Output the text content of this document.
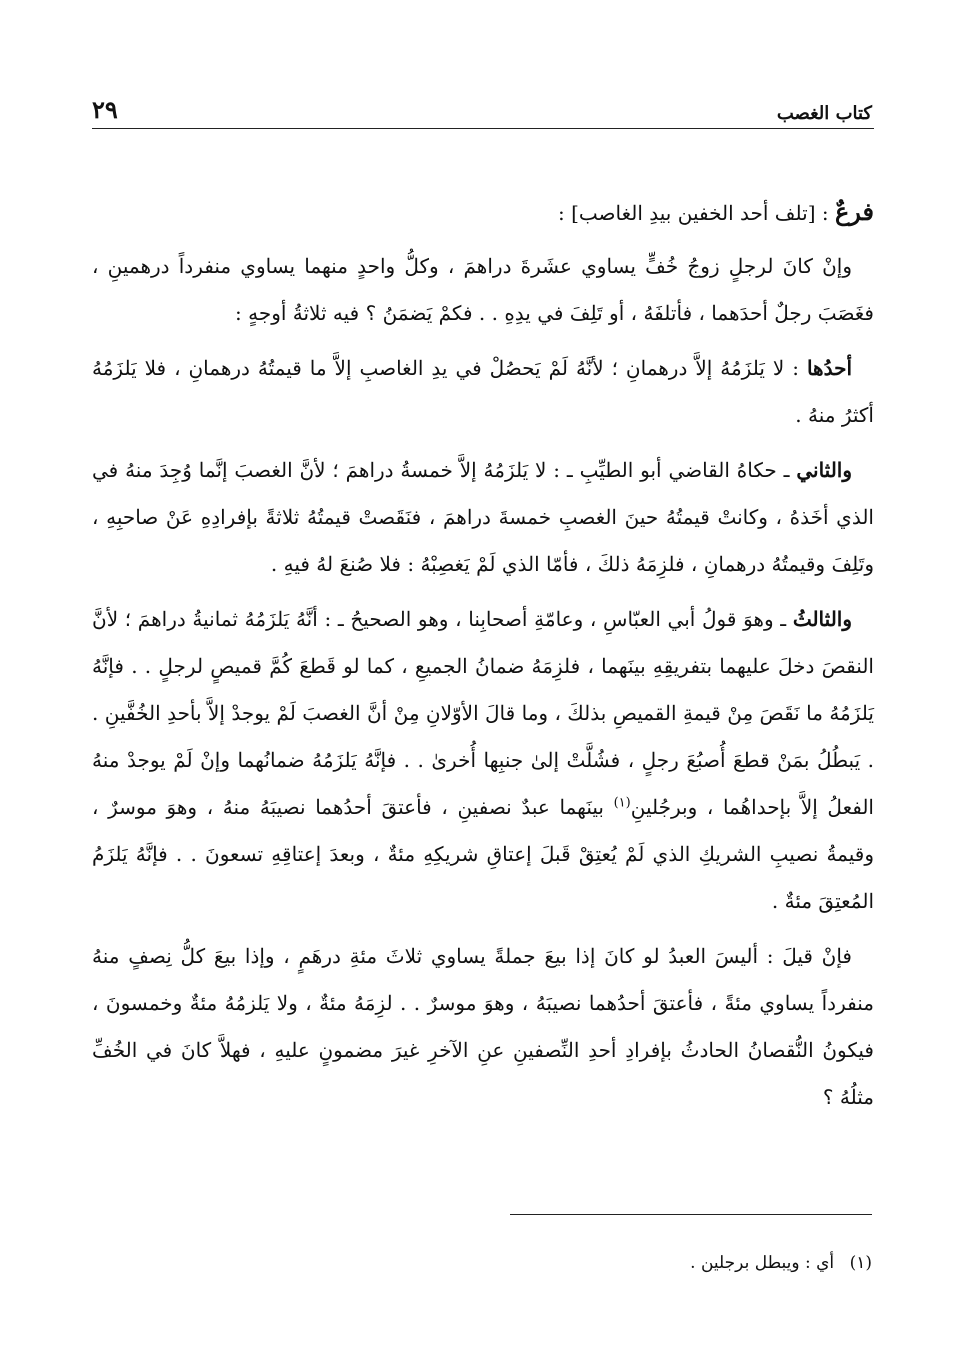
كتاب الغصب
٢٩
فرعٌ : [تلف أحد الخفين بيدِ الغاصب] :

وإنْ كانَ لرجلٍ زوجُ خُفٍّ يساوي عشَرةَ دراهمَ ، وكلُّ واحدٍ منهما يساوي منفرداً درهمينِ ، فغَصَبَ رجلٌ أحدَهما ، فأتلفَهُ ، أو تَلِفَ في يدِهِ . . فكمْ يَضمَنُ ؟ فيه ثلاثةُ أوجهٍ :

أحدُها : لا يَلزَمُهُ إلاَّ درهمانِ ؛ لأنَّهُ لَمْ يَحصُلْ في يدِ الغاصبِ إلاَّ ما قيمتُهُ درهمانِ ، فلا يَلزَمُهُ أكثرُ منهُ .

والثاني ـ حكاهُ القاضي أبو الطيِّبِ ـ : لا يَلزَمُهُ إلاَّ خمسةُ دراهمَ ؛ لأنَّ الغصبَ إنَّما وُجِدَ منهُ في الذي أخَذهُ ، وكانتْ قيمتُهُ حينَ الغصبِ خمسةَ دراهمَ ، فنَقَصتْ قيمتُهُ ثلاثةً بإفرادِهِ عَنْ صاحبِهِ ، وتَلِفَ وقيمتُهُ درهمانِ ، فلزِمَهُ ذلكَ ، فأمّا الذي لَمْ يَغصِبْهُ : فلا صُنعَ لهُ فيهِ .

والثالثُ ـ وهوَ قولُ أبي العبّاسِ ، وعامّةِ أصحابِنا ، وهو الصحيحُ ـ : أنَّهُ يَلزَمُهُ ثمانيةُ دراهمَ ؛ لأنَّ النقصَ دخلَ عليهما بتفريقِهِ بينَهما ، فلزِمَهُ ضمانُ الجميعِ ، كما لو قَطعَ كُمَّ قميصٍ لرجلٍ . . فإنَّهُ يَلزَمُهُ ما نَقَصَ مِنْ قيمةِ القميصِ بذلكَ ، وما قالَ الأوّلانِ مِنْ أنَّ الغصبَ لَمْ يوجدْ إلاَّ بأحدِ الخُفَّينِ . . يَبطُلُ بمَنْ قطعَ أُصبُعَ رجلٍ ، فشُلَّتْ إلىٰ جنبِها أُخرىٰ . . فإنَّهُ يَلزَمُهُ ضمانُهما وإنْ لَمْ يوجدْ منهُ الفعلُ إلاَّ بإحداهُما ، وبرجُلينِ$^{(١)}$ بينَهما عبدٌ نصفينِ ، فأعتقَ أحدُهما نصيبَهُ منهُ ، وهوَ موسرٌ ، وقيمةُ نصيبِ الشريكِ الذي لَمْ يُعتِقْ قَبلَ إعتاقِ شريكِهِ مئةٌ ، وبعدَ إعتاقِهِ تسعونَ . . فإنَّهُ يَلزَمُ المُعتِقَ مئةٌ .

فإنْ قيلَ : أليسَ العبدُ لو كانَ إذا بيعَ جملةً يساوي ثلاثَ مئةِ درهَمٍ ، وإذا بيعَ كلُّ نِصفٍ منهُ منفرداً يساوي مئةً ، فأعتقَ أحدُهما نصيبَهُ ، وهوَ موسرٌ . . لزِمَهُ مئةٌ ، ولا يَلزمُهُ مئةٌ وخمسونَ ، فيكونُ النُّقصانُ الحادثُ بإفرادِ أحدِ النِّصفينِ عنِ الآخرِ غيرَ مضمونٍ عليهِ ، فهلاَّ كانَ في الخُفِّ مثلُهُ ؟

(١) أي : ويبطل برجلين .
